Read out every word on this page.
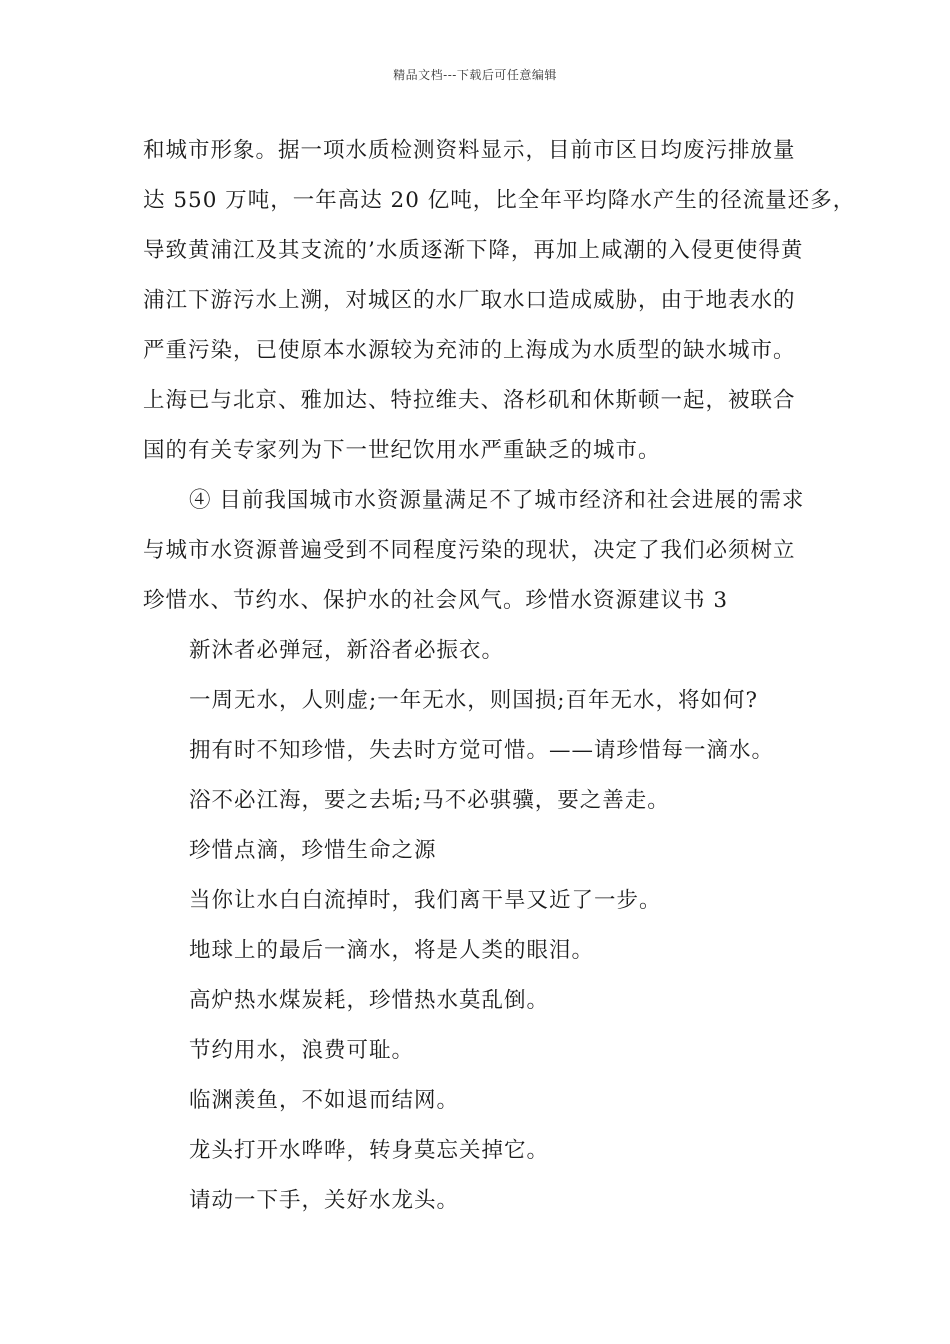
精品文档---下载后可任意编辑
和城市形象。据一项水质检测资料显示，目前市区日均废污排放量
达 550 万吨，一年高达 20 亿吨，比全年平均降水产生的径流量还多，
导致黄浦江及其支流的’水质逐渐下降，再加上咸潮的入侵更使得黄
浦江下游污水上溯，对城区的水厂取水口造成威胁，由于地表水的
严重污染，已使原本水源较为充沛的上海成为水质型的缺水城市。
上海已与北京、雅加达、特拉维夫、洛杉矶和休斯顿一起，被联合
国的有关专家列为下一世纪饮用水严重缺乏的城市。
④ 目前我国城市水资源量满足不了城市经济和社会进展的需求
与城市水资源普遍受到不同程度污染的现状，决定了我们必须树立
珍惜水、节约水、保护水的社会风气。珍惜水资源建议书 3
新沐者必弹冠，新浴者必振衣。
一周无水，人则虚;一年无水，则国损;百年无水，将如何?
拥有时不知珍惜，失去时方觉可惜。——请珍惜每一滴水。
浴不必江海，要之去垢;马不必骐骥，要之善走。
珍惜点滴，珍惜生命之源
当你让水白白流掉时，我们离干旱又近了一步。
地球上的最后一滴水，将是人类的眼泪。
高炉热水煤炭耗，珍惜热水莫乱倒。
节约用水，浪费可耻。
临渊羡鱼，不如退而结网。
龙头打开水哗哗，转身莫忘关掉它。
请动一下手，关好水龙头。
